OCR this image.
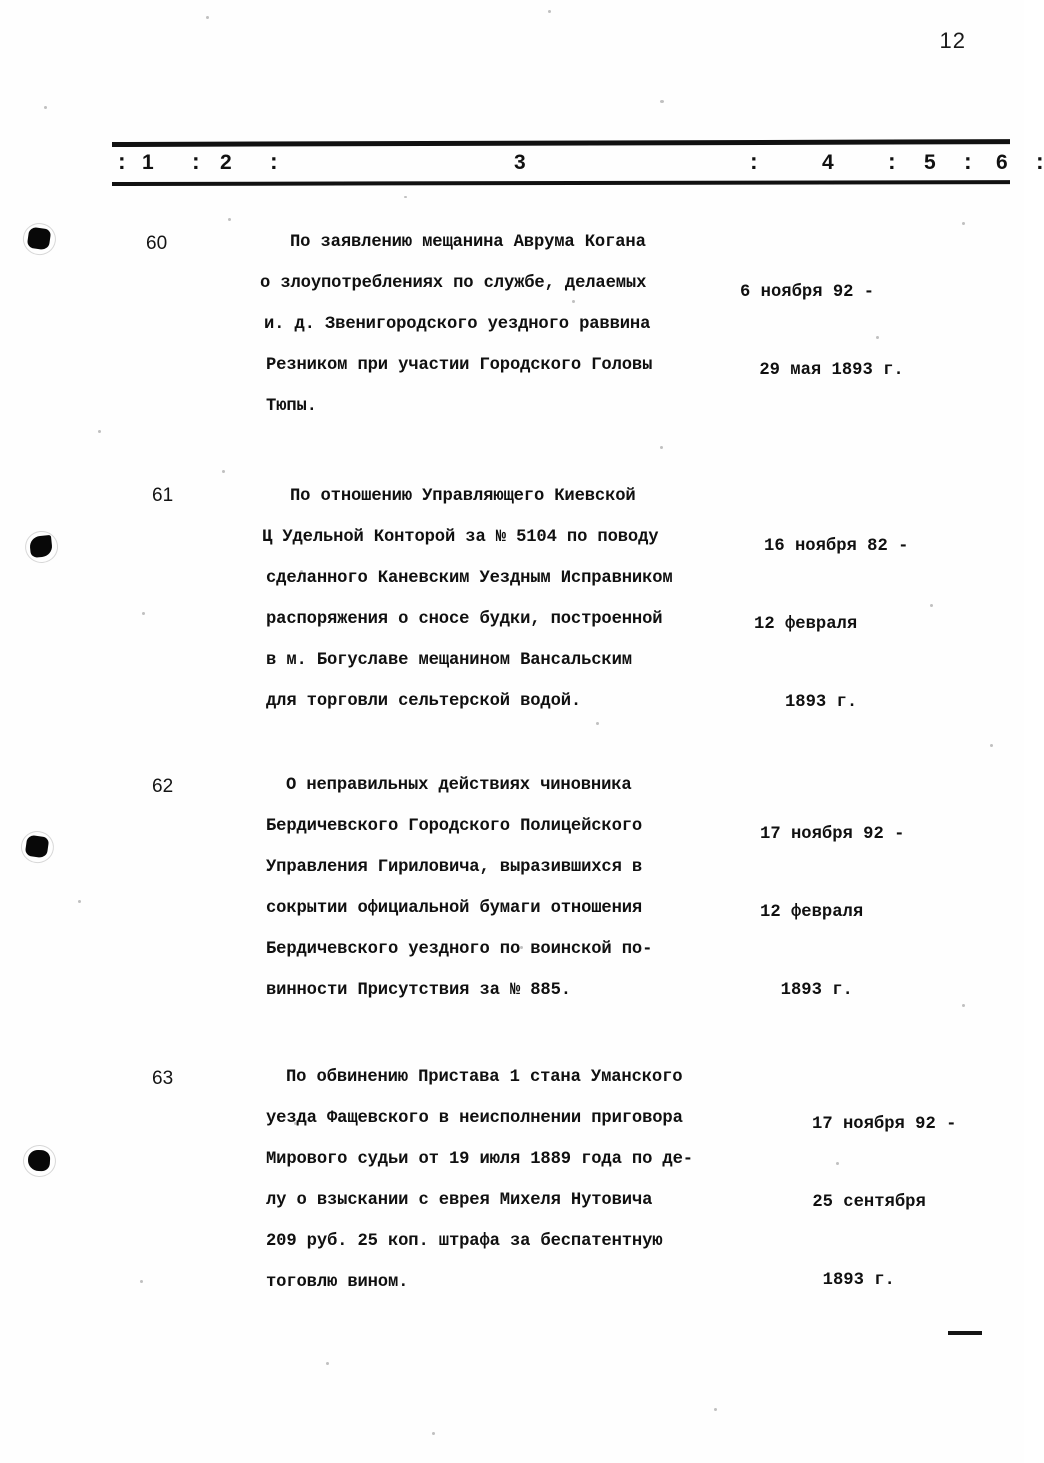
12
: 1 : 2 :	3	:	4 : 5 : 6 :
60	По заявлению мещанина Аврума Когана
о злоупотреблениях по службе, делаемых
и. д. Звенигородского уездного раввина
Резником при участии Городского Головы
Тюпы.

6 ноября 92 -

29 мая 1893 г.

61	По отношению Управляющего Киевской
Ц Удельной Конторой за № 5104 по поводу
сделанного Каневским Уездным Исправником
распоряжения о сносе будки, построенной
в м. Богуславе мещанином Вансальским
для торговли сельтерской водой.

16 ноября 82 -

12 февраля

1893 г.

62	О неправильных действиях чиновника
Бердичевского Городского Полицейского
Управления Гириловича, выразившихся в
сокрытии официальной бумаги отношения
Бердичевского уездного по воинской по-
винности Присутствия за № 885.

17 ноября 92 -

12 февраля

1893 г.

63	По обвинению Пристава 1 стана Уманского
уезда Фащевского в неисполнении приговора
Мирового судьи от 19 июля 1889 года по де-
лу о взыскании с еврея Михеля Нутовича
209 руб. 25 коп. штрафа за беспатентную
тоговлю вином.

17 ноября 92 -

25 сентября

1893 г.
